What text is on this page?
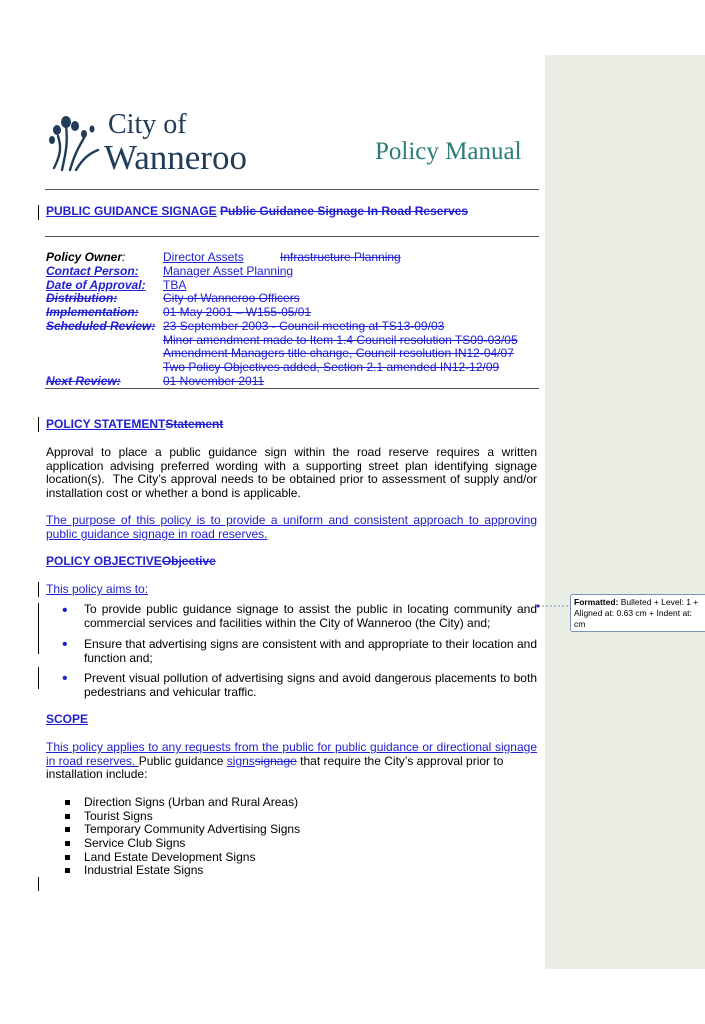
City of
Wanneroo	Policy Manual
PUBLIC GUIDANCE SIGNAGE Public Guidance Signage In Road Reserves
Policy Owner:	Director Assets	Infrastructure Planning
Contact Person: Manager Asset Planning
Date of Approval: TBA
Distribution:	City of Wanneroo Officers
Implementation: 01 May 2001 – W155-05/01
Scheduled Review: 23 September 2003 - Council meeting at TS13-09/03
Minor amendment made to Item 1.4 Council resolution TS09-03/05
Amendment Managers title change, Council resolution IN12-04/07
Two Policy Objectives added, Section 2.1 amended IN12-12/09
Next Review:	01 November 2011
POLICY STATEMENTStatement
Approval to place a public guidance sign within the road reserve requires a written
application advising preferred wording with a supporting street plan identifying signage
location(s).  The City’s approval needs to be obtained prior to assessment of supply and/or
installation cost or whether a bond is applicable.
The purpose of this policy is to provide a uniform and consistent approach to approving
public guidance signage in road reserves.
POLICY OBJECTIVEObjective
This policy aims to:
• To provide public guidance signage to assist the public in locating community and
commercial services and facilities within the City of Wanneroo (the City) and;
• Ensure that advertising signs are consistent with and appropriate to their location and
function and;
• Prevent visual pollution of advertising signs and avoid dangerous placements to both
pedestrians and vehicular traffic.
SCOPE
This policy applies to any requests from the public for public guidance or directional signage
in road reserves. Public guidance signssignage that require the City’s approval prior to
installation include:
Direction Signs (Urban and Rural Areas)
Tourist Signs
Temporary Community Advertising Signs
Service Club Signs
Land Estate Development Signs
Industrial Estate Signs
Formatted: Bulleted + Level: 1 +
Aligned at: 0.63 cm + Indent at:
cm
